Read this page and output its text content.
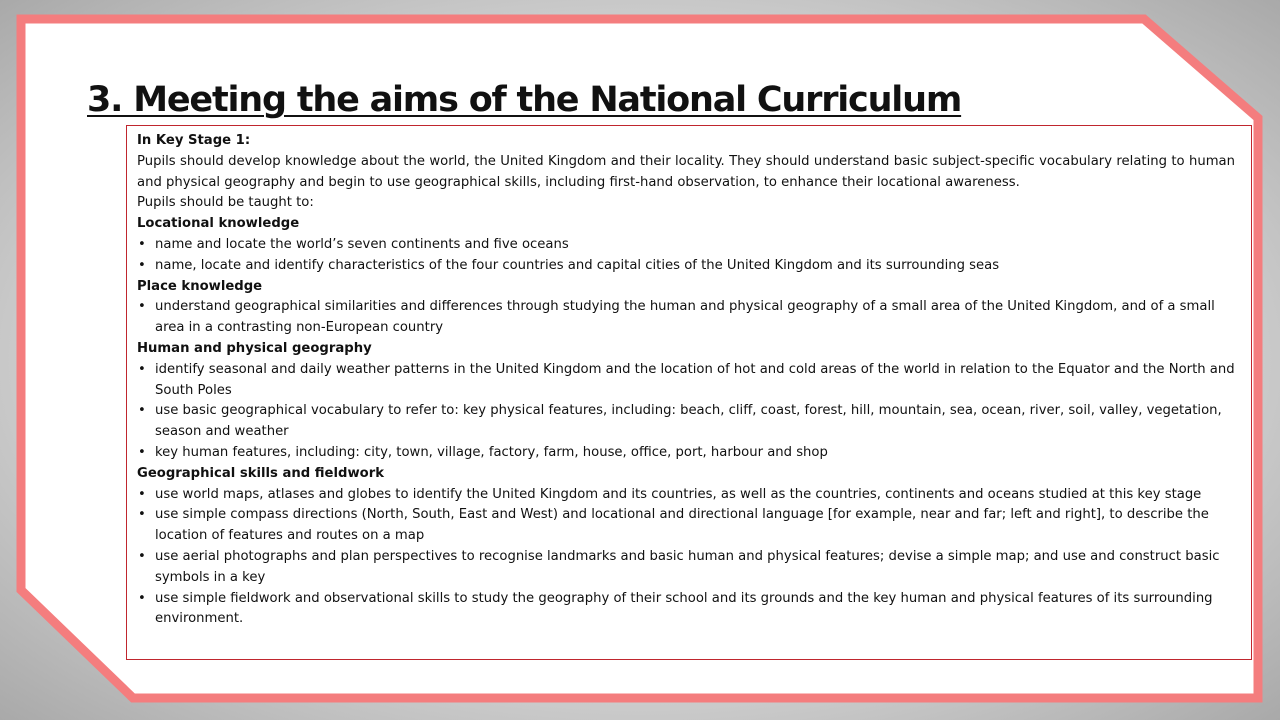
3. Meeting the aims of the National Curriculum

In Key Stage 1:

Pupils should develop knowledge about the world, the United Kingdom and their locality. They should understand basic subject-specific vocabulary relating to human and physical geography and begin to use geographical skills, including first-hand observation, to enhance their locational awareness.

Pupils should be taught to:

Locational knowledge

• name and locate the world’s seven continents and five oceans
• name, locate and identify characteristics of the four countries and capital cities of the United Kingdom and its surrounding seas

Place knowledge

• understand geographical similarities and differences through studying the human and physical geography of a small area of the United Kingdom, and of a small area in a contrasting non-European country

Human and physical geography

• identify seasonal and daily weather patterns in the United Kingdom and the location of hot and cold areas of the world in relation to the Equator and the North and South Poles
• use basic geographical vocabulary to refer to: key physical features, including: beach, cliff, coast, forest, hill, mountain, sea, ocean, river, soil, valley, vegetation, season and weather
• key human features, including: city, town, village, factory, farm, house, office, port, harbour and shop

Geographical skills and fieldwork

• use world maps, atlases and globes to identify the United Kingdom and its countries, as well as the countries, continents and oceans studied at this key stage
• use simple compass directions (North, South, East and West) and locational and directional language [for example, near and far; left and right], to describe the location of features and routes on a map
• use aerial photographs and plan perspectives to recognise landmarks and basic human and physical features; devise a simple map; and use and construct basic symbols in a key
• use simple fieldwork and observational skills to study the geography of their school and its grounds and the key human and physical features of its surrounding environment.
